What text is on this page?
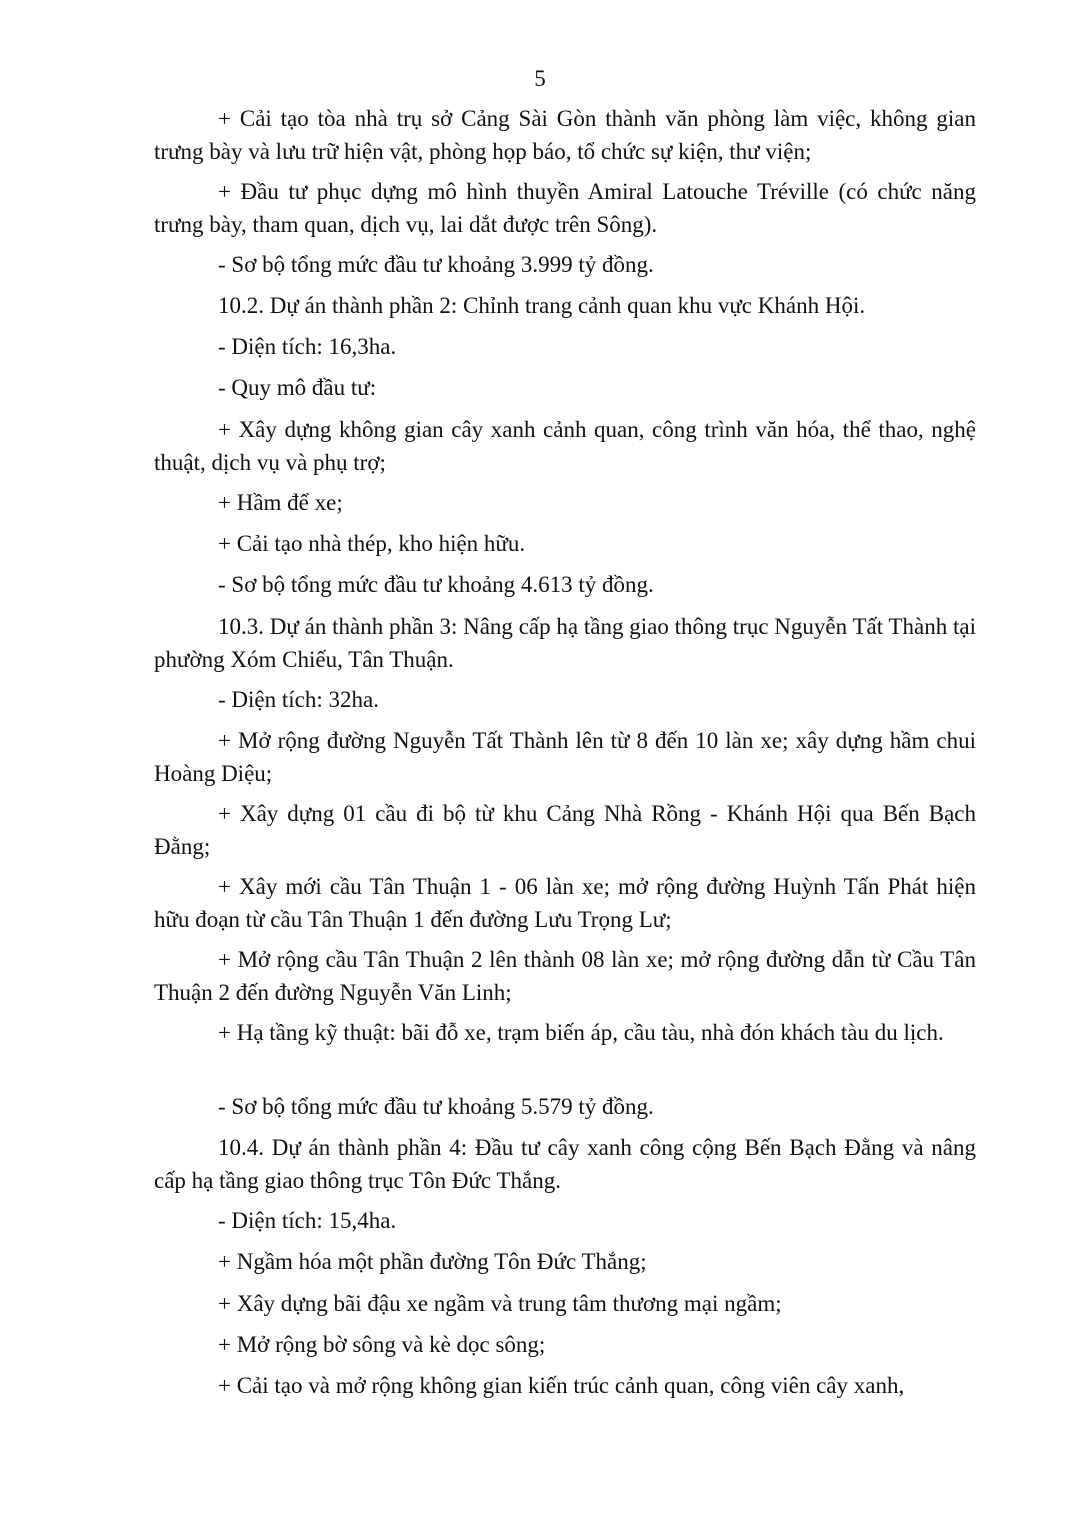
5

+ Cải tạo tòa nhà trụ sở Cảng Sài Gòn thành văn phòng làm việc, không gian trưng bày và lưu trữ hiện vật, phòng họp báo, tổ chức sự kiện, thư viện;

+ Đầu tư phục dựng mô hình thuyền Amiral Latouche Tréville (có chức năng trưng bày, tham quan, dịch vụ, lai dắt được trên Sông).

- Sơ bộ tổng mức đầu tư khoảng 3.999 tỷ đồng.

10.2. Dự án thành phần 2: Chỉnh trang cảnh quan khu vực Khánh Hội.

- Diện tích: 16,3ha.

- Quy mô đầu tư:

+ Xây dựng không gian cây xanh cảnh quan, công trình văn hóa, thể thao, nghệ thuật, dịch vụ và phụ trợ;

+ Hầm để xe;

+ Cải tạo nhà thép, kho hiện hữu.

- Sơ bộ tổng mức đầu tư khoảng 4.613 tỷ đồng.

10.3. Dự án thành phần 3: Nâng cấp hạ tầng giao thông trục Nguyễn Tất Thành tại phường Xóm Chiếu, Tân Thuận.

- Diện tích: 32ha.

+ Mở rộng đường Nguyễn Tất Thành lên từ 8 đến 10 làn xe; xây dựng hầm chui Hoàng Diệu;

+ Xây dựng 01 cầu đi bộ từ khu Cảng Nhà Rồng - Khánh Hội qua Bến Bạch Đằng;

+ Xây mới cầu Tân Thuận 1 - 06 làn xe; mở rộng đường Huỳnh Tấn Phát hiện hữu đoạn từ cầu Tân Thuận 1 đến đường Lưu Trọng Lư;

+ Mở rộng cầu Tân Thuận 2 lên thành 08 làn xe; mở rộng đường dẫn từ Cầu Tân Thuận 2 đến đường Nguyễn Văn Linh;

+ Hạ tầng kỹ thuật: bãi đỗ xe, trạm biến áp, cầu tàu, nhà đón khách tàu du lịch.

- Sơ bộ tổng mức đầu tư khoảng 5.579 tỷ đồng.

10.4. Dự án thành phần 4: Đầu tư cây xanh công cộng Bến Bạch Đằng và nâng cấp hạ tầng giao thông trục Tôn Đức Thắng.

- Diện tích: 15,4ha.

+ Ngầm hóa một phần đường Tôn Đức Thắng;

+ Xây dựng bãi đậu xe ngầm và trung tâm thương mại ngầm;

+ Mở rộng bờ sông và kè dọc sông;

+ Cải tạo và mở rộng không gian kiến trúc cảnh quan, công viên cây xanh,
